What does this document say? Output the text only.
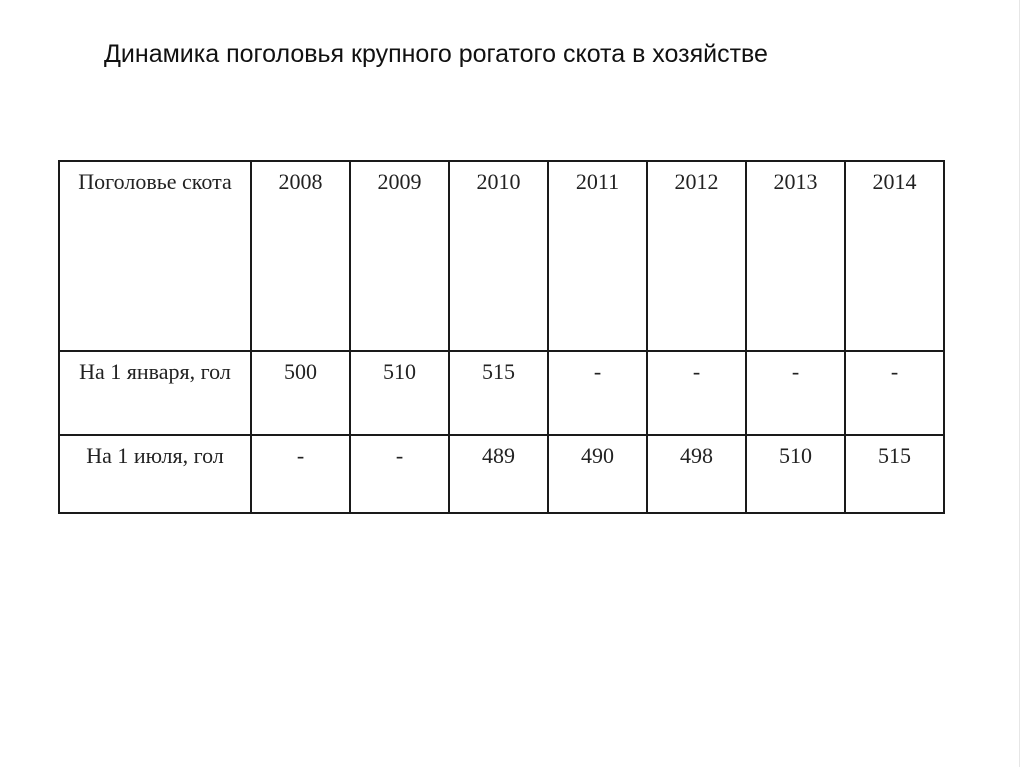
Динамика поголовья крупного рогатого скота в хозяйстве
Поголовье скота	2008	2009	2010	2011	2012	2013	2014
На 1 января, гол	500	510	515	-	-	-	-
На 1 июля, гол	-	-	489	490	498	510	515
